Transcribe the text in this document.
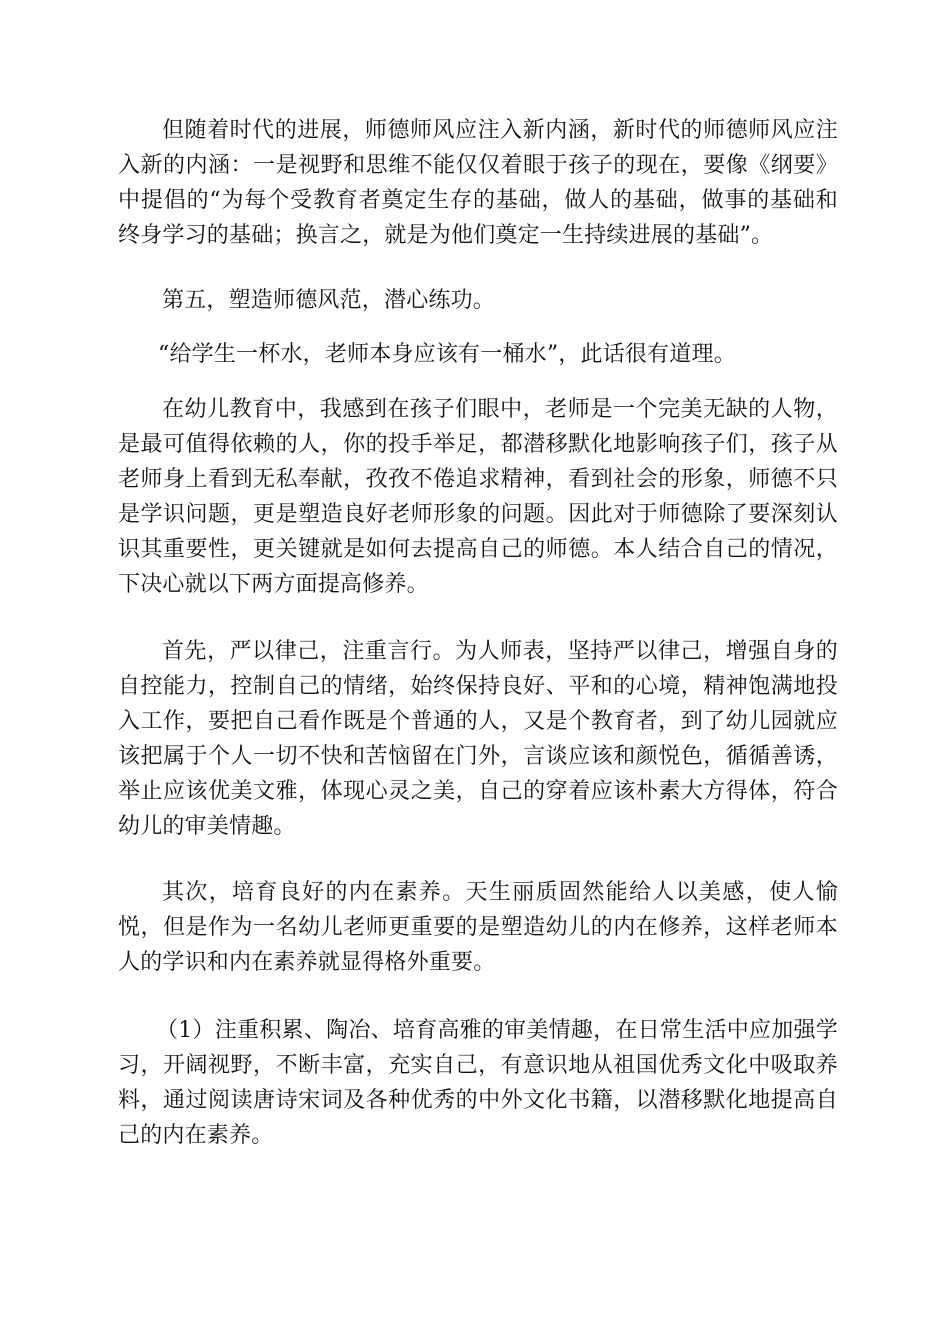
但随着时代的进展，师德师风应注入新内涵，新时代的师德师风应注入新的内涵：一是视野和思维不能仅仅着眼于孩子的现在，要像《纲要》中提倡的“为每个受教育者奠定生存的基础，做人的基础，做事的基础和终身学习的基础；换言之，就是为他们奠定一生持续进展的基础”。

第五，塑造师德风范，潜心练功。

“给学生一杯水，老师本身应该有一桶水”，此话很有道理。

在幼儿教育中，我感到在孩子们眼中，老师是一个完美无缺的人物，是最可值得依赖的人，你的投手举足，都潜移默化地影响孩子们，孩子从老师身上看到无私奉献，孜孜不倦追求精神，看到社会的形象，师德不只是学识问题，更是塑造良好老师形象的问题。因此对于师德除了要深刻认识其重要性，更关键就是如何去提高自己的师德。本人结合自己的情况，下决心就以下两方面提高修养。

首先，严以律己，注重言行。为人师表，坚持严以律己，增强自身的自控能力，控制自己的情绪，始终保持良好、平和的心境，精神饱满地投入工作，要把自己看作既是个普通的人，又是个教育者，到了幼儿园就应该把属于个人一切不快和苦恼留在门外，言谈应该和颜悦色，循循善诱，举止应该优美文雅，体现心灵之美，自己的穿着应该朴素大方得体，符合幼儿的审美情趣。

其次，培育良好的内在素养。天生丽质固然能给人以美感，使人愉悦，但是作为一名幼儿老师更重要的是塑造幼儿的内在修养，这样老师本人的学识和内在素养就显得格外重要。

（1）注重积累、陶冶、培育高雅的审美情趣，在日常生活中应加强学习，开阔视野，不断丰富，充实自己，有意识地从祖国优秀文化中吸取养料，通过阅读唐诗宋词及各种优秀的中外文化书籍，以潜移默化地提高自己的内在素养。
